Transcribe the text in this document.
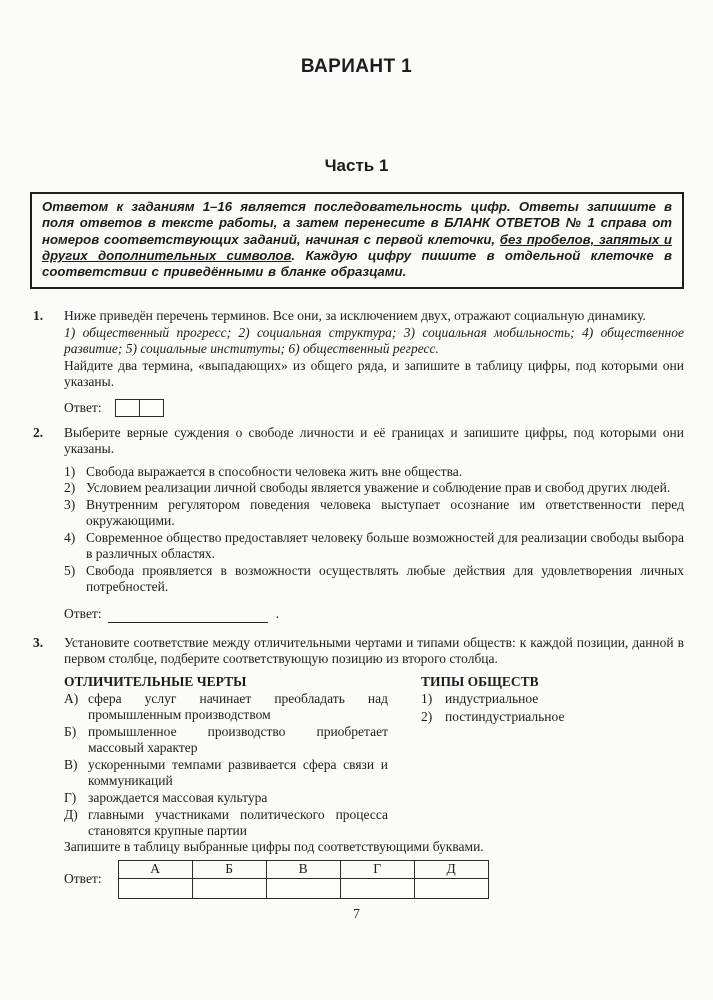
ВАРИАНТ 1
Часть 1
Ответом к заданиям 1–16 является последовательность цифр. Ответы запишите в поля ответов в тексте работы, а затем перенесите в БЛАНК ОТВЕТОВ № 1 справа от номеров соответствующих заданий, начиная с первой клеточки, без пробелов, запятых и других дополнительных символов. Каждую цифру пишите в отдельной клеточке в соответствии с приведёнными в бланке образцами.
1.	Ниже приведён перечень терминов. Все они, за исключением двух, отражают социальную динамику.

1) общественный прогресс; 2) социальная структура; 3) социальная мобильность; 4) общественное развитие; 5) социальные институты; 6) общественный регресс.

Найдите два термина, «выпадающих» из общего ряда, и запишите в таблицу цифры, под которыми они указаны.

Ответ:
2.	Выберите верные суждения о свободе личности и её границах и запишите цифры, под которыми они указаны.

1) Свобода выражается в способности человека жить вне общества.
2) Условием реализации личной свободы является уважение и соблюдение прав и свобод других людей.
3) Внутренним регулятором поведения человека выступает осознание им ответственности перед окружающими.
4) Современное общество предоставляет человеку больше возможностей для реализации свободы выбора в различных областях.
5) Свобода проявляется в возможности осуществлять любые действия для удовлетворения личных потребностей.
Ответ:	.
3.	Установите соответствие между отличительными чертами и типами обществ: к каждой позиции, данной в первом столбце, подберите соответствующую позицию из второго столбца.

ОТЛИЧИТЕЛЬНЫЕ ЧЕРТЫ
А) сфера услуг начинает преобладать над промышленным производством
Б) промышленное производство приобретает массовый характер
В) ускоренными темпами развивается сфера связи и коммуникаций
Г) зарождается массовая культура
Д) главными участниками политического процесса становятся крупные партии
ТИПЫ ОБЩЕСТВ
1) индустриальное
2) постиндустриальное

Запишите в таблицу выбранные цифры под соответствующими буквами.

Ответ:
А	Б	В	Г	Д

7
